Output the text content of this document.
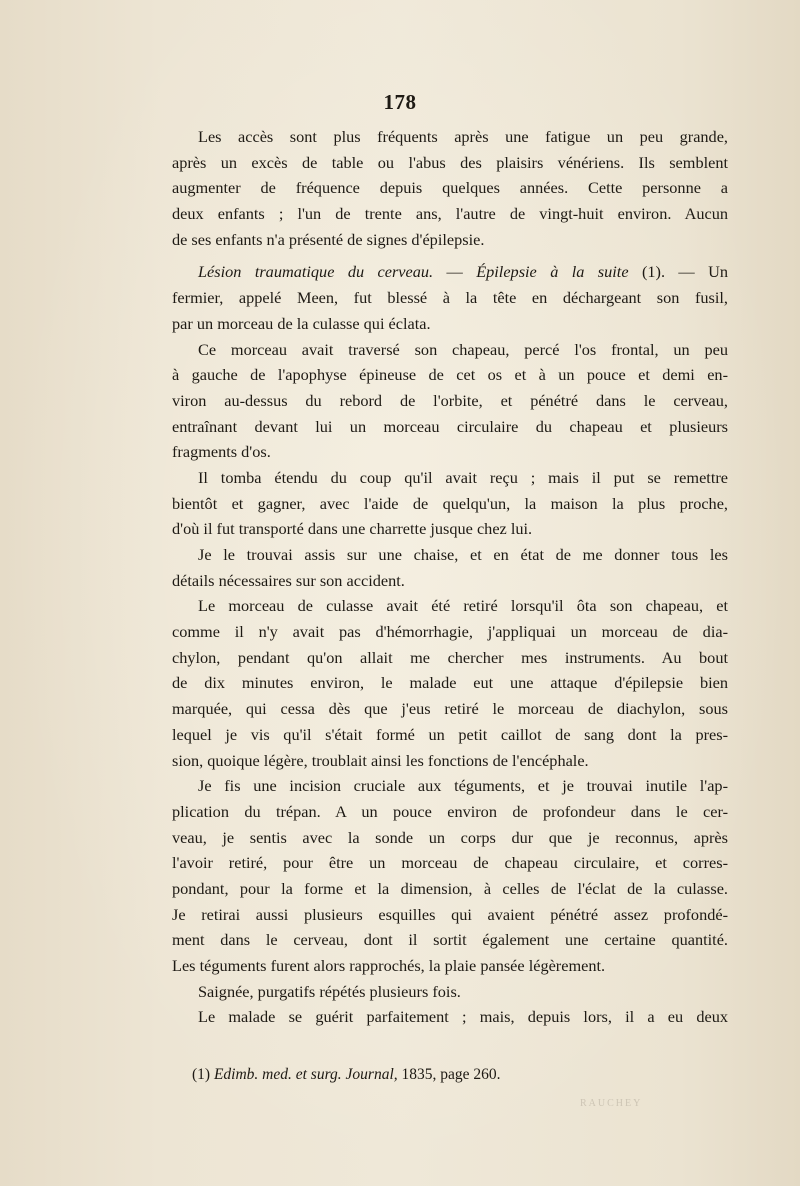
178
Les accès sont plus fréquents après une fatigue un peu grande,
après un excès de table ou l'abus des plaisirs vénériens. Ils semblent
augmenter de fréquence depuis quelques années. Cette personne a
deux enfants ; l'un de trente ans, l'autre de vingt-huit environ. Aucun
de ses enfants n'a présenté de signes d'épilepsie.
Lésion traumatique du cerveau. — Épilepsie à la suite (1). — Un
fermier, appelé Meen, fut blessé à la tête en déchargeant son fusil,
par un morceau de la culasse qui éclata.
Ce morceau avait traversé son chapeau, percé l'os frontal, un peu
à gauche de l'apophyse épineuse de cet os et à un pouce et demi en-
viron au-dessus du rebord de l'orbite, et pénétré dans le cerveau,
entraînant devant lui un morceau circulaire du chapeau et plusieurs
fragments d'os.
Il tomba étendu du coup qu'il avait reçu ; mais il put se remettre
bientôt et gagner, avec l'aide de quelqu'un, la maison la plus proche,
d'où il fut transporté dans une charrette jusque chez lui.
Je le trouvai assis sur une chaise, et en état de me donner tous les
détails nécessaires sur son accident.
Le morceau de culasse avait été retiré lorsqu'il ôta son chapeau, et
comme il n'y avait pas d'hémorrhagie, j'appliquai un morceau de dia-
chylon, pendant qu'on allait me chercher mes instruments. Au bout
de dix minutes environ, le malade eut une attaque d'épilepsie bien
marquée, qui cessa dès que j'eus retiré le morceau de diachylon, sous
lequel je vis qu'il s'était formé un petit caillot de sang dont la pres-
sion, quoique légère, troublait ainsi les fonctions de l'encéphale.
Je fis une incision cruciale aux téguments, et je trouvai inutile l'ap-
plication du trépan. A un pouce environ de profondeur dans le cer-
veau, je sentis avec la sonde un corps dur que je reconnus, après
l'avoir retiré, pour être un morceau de chapeau circulaire, et corres-
pondant, pour la forme et la dimension, à celles de l'éclat de la culasse.
Je retirai aussi plusieurs esquilles qui avaient pénétré assez profondé-
ment dans le cerveau, dont il sortit également une certaine quantité.
Les téguments furent alors rapprochés, la plaie pansée légèrement.
Saignée, purgatifs répétés plusieurs fois.
Le malade se guérit parfaitement ; mais, depuis lors, il a eu deux
(1) Edimb. med. et surg. Journal, 1835, page 260.
RAUCHEY
